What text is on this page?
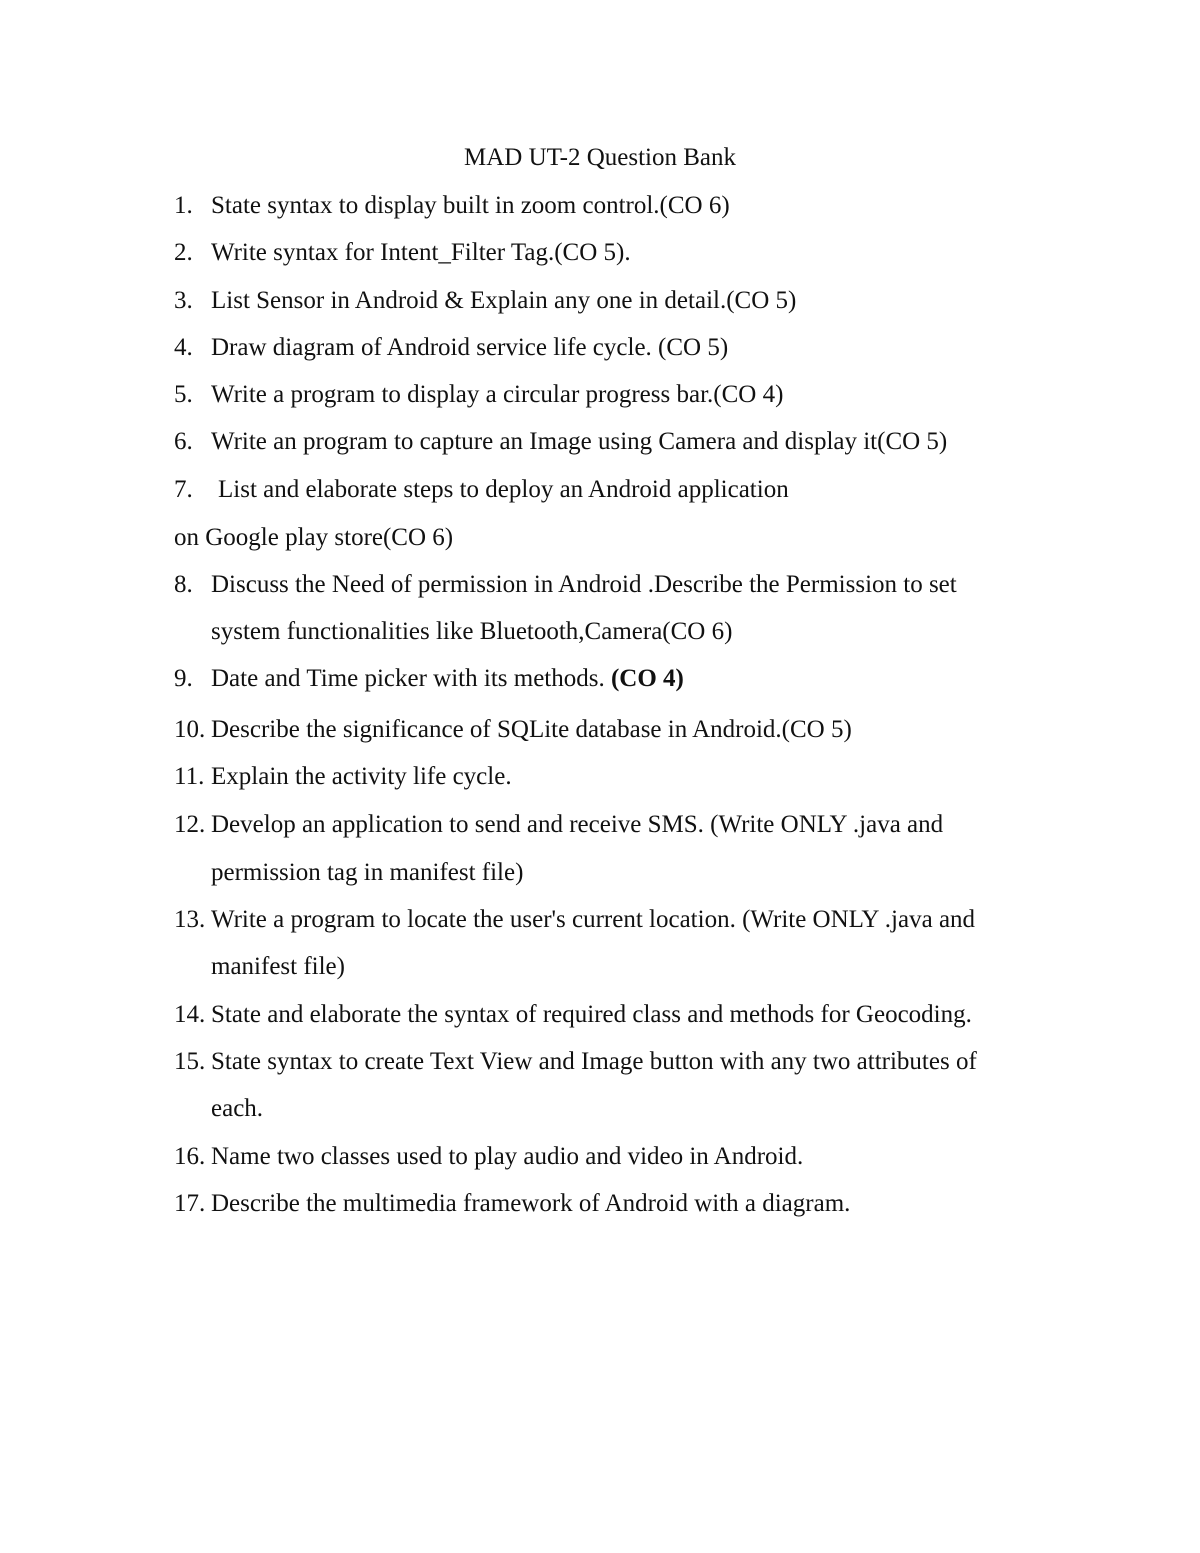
MAD UT-2 Question Bank
1. State syntax to display built in zoom control.(CO 6)
2. Write syntax for Intent_Filter Tag.(CO 5).
3. List Sensor in Android & Explain any one in detail.(CO 5)
4. Draw diagram of Android service life cycle. (CO 5)
5. Write a program to display a circular progress bar.(CO 4)
6. Write an program to capture an Image using Camera and display it(CO 5)
7. List and elaborate steps to deploy an Android application
on Google play store(CO 6)
8. Discuss the Need of permission in Android .Describe the Permission to set
system functionalities like Bluetooth,Camera(CO 6)
9. Date and Time picker with its methods. (CO 4)
10. Describe the significance of SQLite database in Android.(CO 5)
11. Explain the activity life cycle.
12. Develop an application to send and receive SMS. (Write ONLY .java and
permission tag in manifest file)
13. Write a program to locate the user's current location. (Write ONLY .java and
manifest file)
14. State and elaborate the syntax of required class and methods for Geocoding.
15. State syntax to create Text View and Image button with any two attributes of
each.
16. Name two classes used to play audio and video in Android.
17. Describe the multimedia framework of Android with a diagram.
